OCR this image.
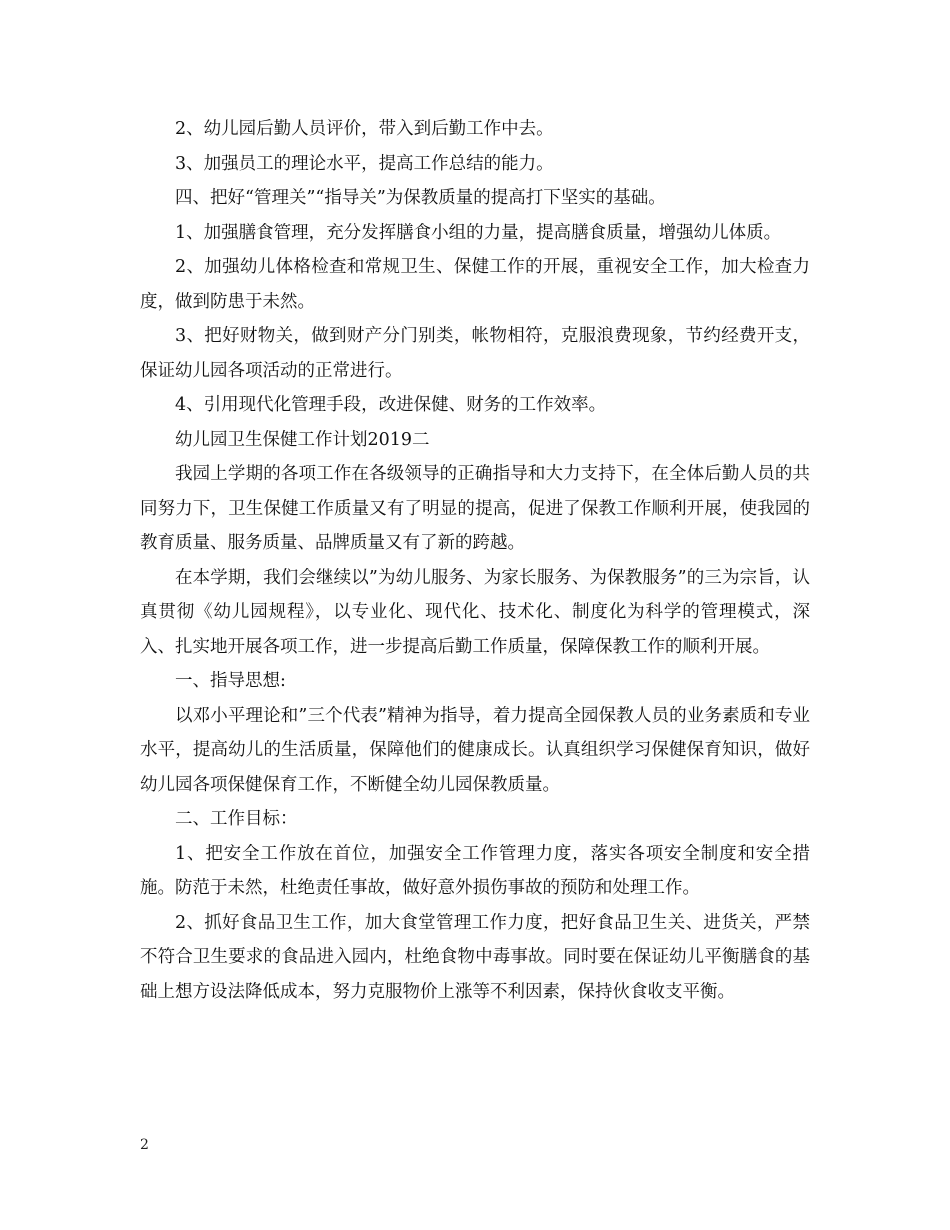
2、幼儿园后勤人员评价，带入到后勤工作中去。

3、加强员工的理论水平，提高工作总结的能力。

四、把好“管理关”“指导关”为保教质量的提高打下坚实的基础。

1、加强膳食管理，充分发挥膳食小组的力量，提高膳食质量，增强幼儿体质。

2、加强幼儿体格检查和常规卫生、保健工作的开展，重视安全工作，加大检查力度，做到防患于未然。

3、把好财物关，做到财产分门别类，帐物相符，克服浪费现象，节约经费开支，保证幼儿园各项活动的正常进行。

4、引用现代化管理手段，改进保健、财务的工作效率。

幼儿园卫生保健工作计划2019二

我园上学期的各项工作在各级领导的正确指导和大力支持下，在全体后勤人员的共同努力下，卫生保健工作质量又有了明显的提高，促进了保教工作顺利开展，使我园的教育质量、服务质量、品牌质量又有了新的跨越。

在本学期，我们会继续以”为幼儿服务、为家长服务、为保教服务”的三为宗旨，认真贯彻《幼儿园规程》，以专业化、现代化、技术化、制度化为科学的管理模式，深入、扎实地开展各项工作，进一步提高后勤工作质量，保障保教工作的顺利开展。

一、指导思想:

以邓小平理论和”三个代表”精神为指导，着力提高全园保教人员的业务素质和专业水平，提高幼儿的生活质量，保障他们的健康成长。认真组织学习保健保育知识，做好幼儿园各项保健保育工作，不断健全幼儿园保教质量。

二、工作目标：

1、把安全工作放在首位，加强安全工作管理力度，落实各项安全制度和安全措施。防范于未然，杜绝责任事故，做好意外损伤事故的预防和处理工作。

2、抓好食品卫生工作，加大食堂管理工作力度，把好食品卫生关、进货关，严禁不符合卫生要求的食品进入园内，杜绝食物中毒事故。同时要在保证幼儿平衡膳食的基础上想方设法降低成本，努力克服物价上涨等不利因素，保持伙食收支平衡。

2
